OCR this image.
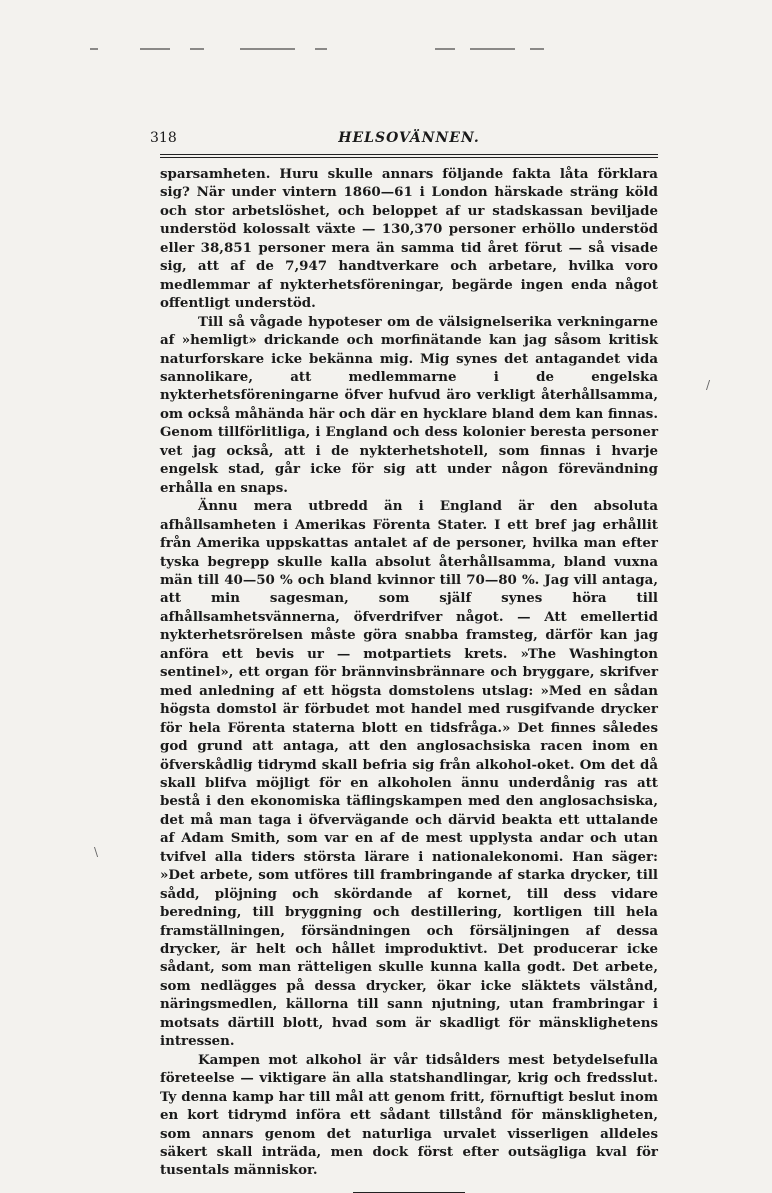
318	HELSOVÄNNEN.

sparsamheten. Huru skulle annars följande fakta låta förklara sig? När under vintern 1860—61 i London härskade sträng köld och stor arbetslöshet, och beloppet af ur stadskassan beviljade understöd kolossalt växte — 130,370 personer erhöllo understöd eller 38,851 personer mera än samma tid året förut — så visade sig, att af de 7,947 handtverkare och arbetare, hvilka voro medlemmar af nykterhetsföreningar, begärde ingen enda något offentligt understöd.

Till så vågade hypoteser om de välsignelserika verkningarne af »hemligt» drickande och morfinätande kan jag såsom kritisk naturforskare icke bekänna mig. Mig synes det antagandet vida sannolikare, att medlemmarne i de engelska nykterhetsföreningarne öfver hufvud äro verkligt återhållsamma, om också måhända här och där en hycklare bland dem kan finnas. Genom tillförlitliga, i England och dess kolonier beresta personer vet jag också, att i de nykterhetshotell, som finnas i hvarje engelsk stad, går icke för sig att under någon förevändning erhålla en snaps.

Ännu mera utbredd än i England är den absoluta afhållsamheten i Amerikas Förenta Stater. I ett bref jag erhållit från Amerika uppskattas antalet af de personer, hvilka man efter tyska begrepp skulle kalla absolut återhållsamma, bland vuxna män till 40—50 % och bland kvinnor till 70—80 %. Jag vill antaga, att min sagesman, som själf synes höra till afhållsamhetsvännerna, öfverdrifver något. — Att emellertid nykterhetsrörelsen måste göra snabba framsteg, därför kan jag anföra ett bevis ur — motpartiets krets. »The Washington sentinel», ett organ för brännvinsbrännare och bryggare, skrifver med anledning af ett högsta domstolens utslag: »Med en sådan högsta domstol är förbudet mot handel med rusgifvande drycker för hela Förenta staterna blott en tidsfråga.» Det finnes således god grund att antaga, att den anglosachsiska racen inom en öfverskådlig tidrymd skall befria sig från alkohol-oket. Om det då skall blifva möjligt för en alkoholen ännu underdånig ras att bestå i den ekonomiska täflingskampen med den anglosachsiska, det må man taga i öfvervägande och därvid beakta ett uttalande af Adam Smith, som var en af de mest upplysta andar och utan tvifvel alla tiders största lärare i nationalekonomi. Han säger: »Det arbete, som utföres till frambringande af starka drycker, till sådd, plöjning och skördande af kornet, till dess vidare beredning, till bryggning och destillering, kortligen till hela framställningen, försändningen och försäljningen af dessa drycker, är helt och hållet improduktivt. Det producerar icke sådant, som man rätteligen skulle kunna kalla godt. Det arbete, som nedlägges på dessa drycker, ökar icke släktets välstånd, näringsmedlen, källorna till sann njutning, utan frambringar i motsats därtill blott, hvad som är skadligt för mänsklighetens intressen.

Kampen mot alkohol är vår tidsålders mest betydelsefulla företeelse — viktigare än alla statshandlingar, krig och fredsslut. Ty denna kamp har till mål att genom fritt, förnuftigt beslut inom en kort tidrymd införa ett sådant tillstånd för mänskligheten, som annars genom det naturliga urvalet visserligen alldeles säkert skall inträda, men dock först efter outsägliga kval för tusentals människor.

/
\
